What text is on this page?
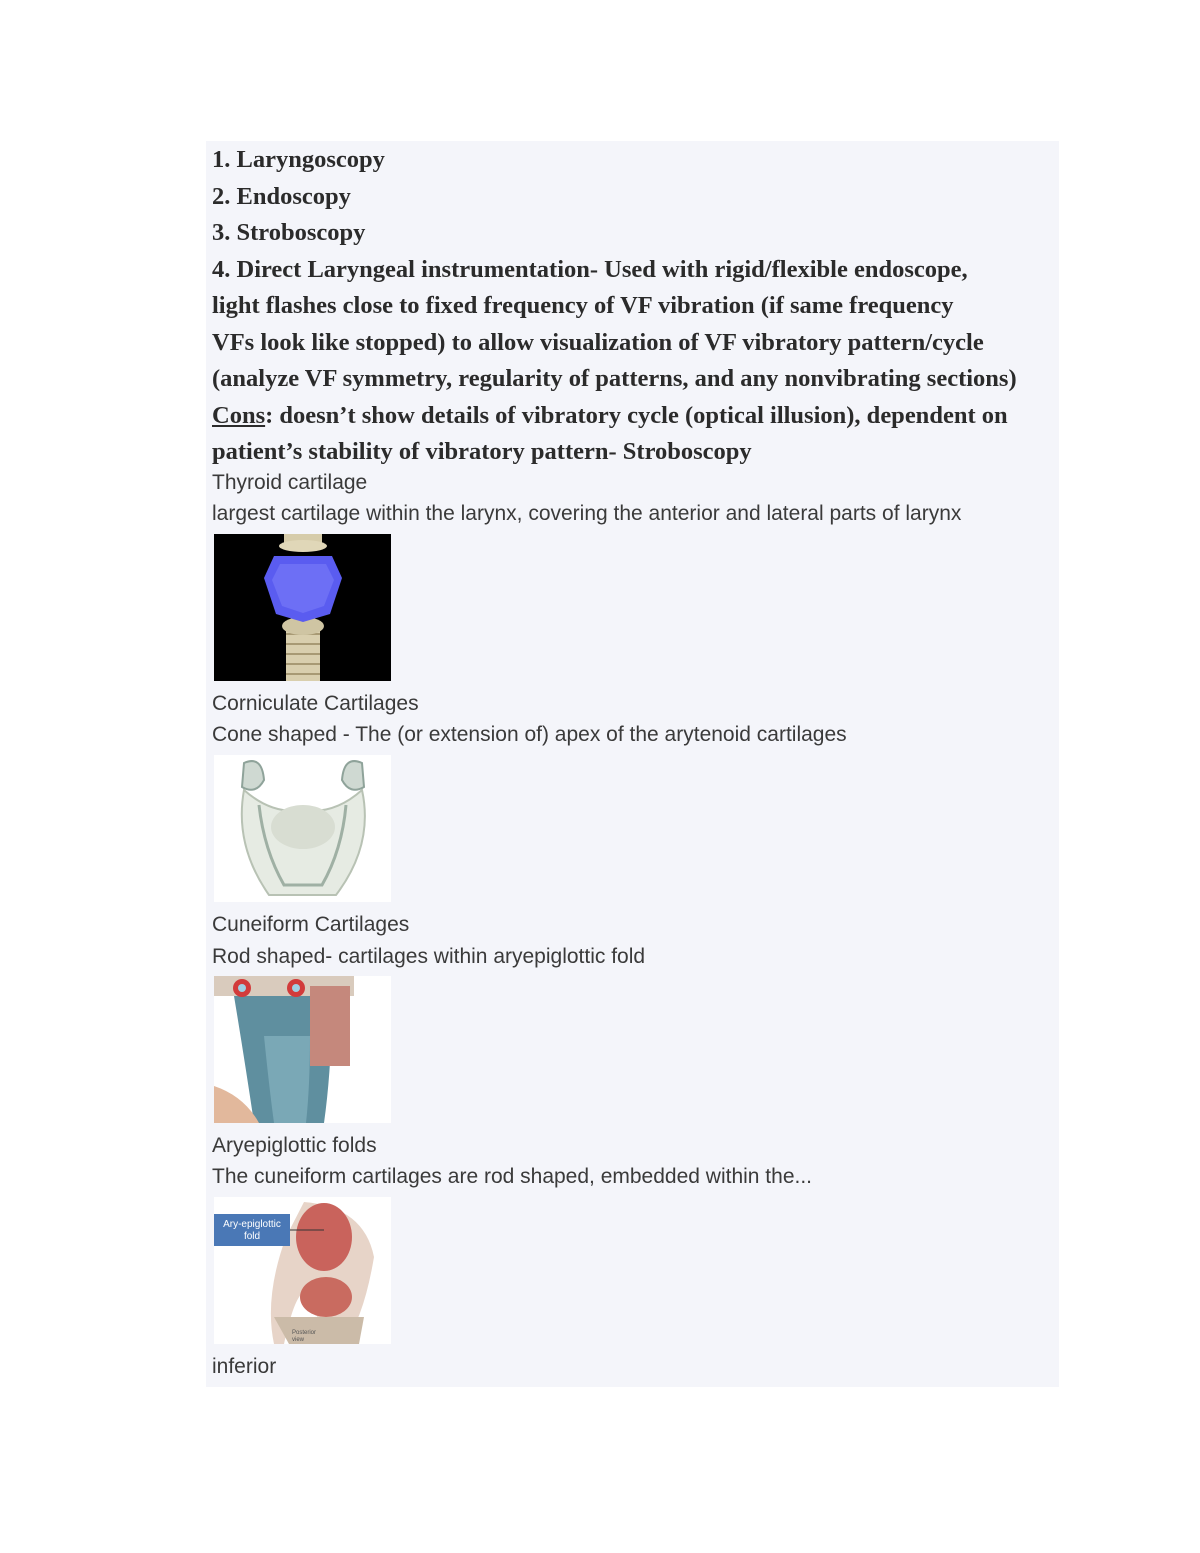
1. Laryngoscopy
2. Endoscopy
3. Stroboscopy
4. Direct Laryngeal instrumentation- Used with rigid/flexible endoscope,
light flashes close to fixed frequency of VF vibration (if same frequency
VFs look like stopped) to allow visualization of VF vibratory pattern/cycle
(analyze VF symmetry, regularity of patterns, and any nonvibrating sections)
Cons: doesn’t show details of vibratory cycle (optical illusion), dependent on
patient’s stability of vibratory pattern- Stroboscopy
Thyroid cartilage
largest cartilage within the larynx, covering the anterior and lateral parts of larynx
Corniculate Cartilages
Cone shaped - The (or extension of) apex of the arytenoid cartilages
Cuneiform Cartilages
Rod shaped- cartilages within aryepiglottic fold
Aryepiglottic folds
The cuneiform cartilages are rod shaped, embedded within the...
Ary-epiglottic
fold
Posterior
view
inferior
